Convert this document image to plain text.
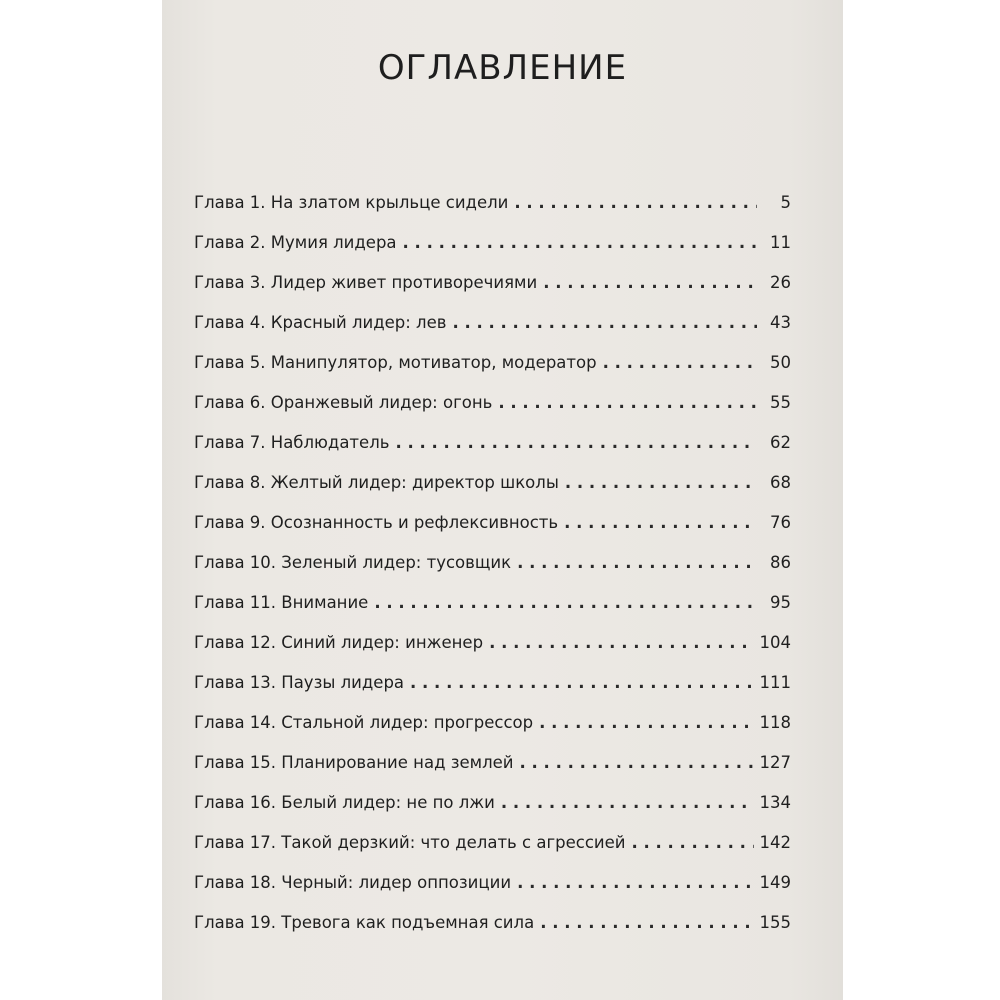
ОГЛАВЛЕНИЕ
Глава 1. На златом крыльце сидели . . .	5
Глава 2. Мумия лидера . . .	11
Глава 3. Лидер живет противоречиями . . .	26
Глава 4. Красный лидер: лев . . .	43
Глава 5. Манипулятор, мотиватор, модератор . . .	50
Глава 6. Оранжевый лидер: огонь . . .	55
Глава 7. Наблюдатель . . .	62
Глава 8. Желтый лидер: директор школы . . .	68
Глава 9. Осознанность и рефлексивность . . .	76
Глава 10. Зеленый лидер: тусовщик . . .	86
Глава 11. Внимание . . .	95
Глава 12. Синий лидер: инженер . . .	104
Глава 13. Паузы лидера . . .	111
Глава 14. Стальной лидер: прогрессор . . .	118
Глава 15. Планирование над землей . . .	127
Глава 16. Белый лидер: не по лжи . . .	134
Глава 17. Такой дерзкий: что делать с агрессией . . .	142
Глава 18. Черный: лидер оппозиции . . .	149
Глава 19. Тревога как подъемная сила . . .	155
